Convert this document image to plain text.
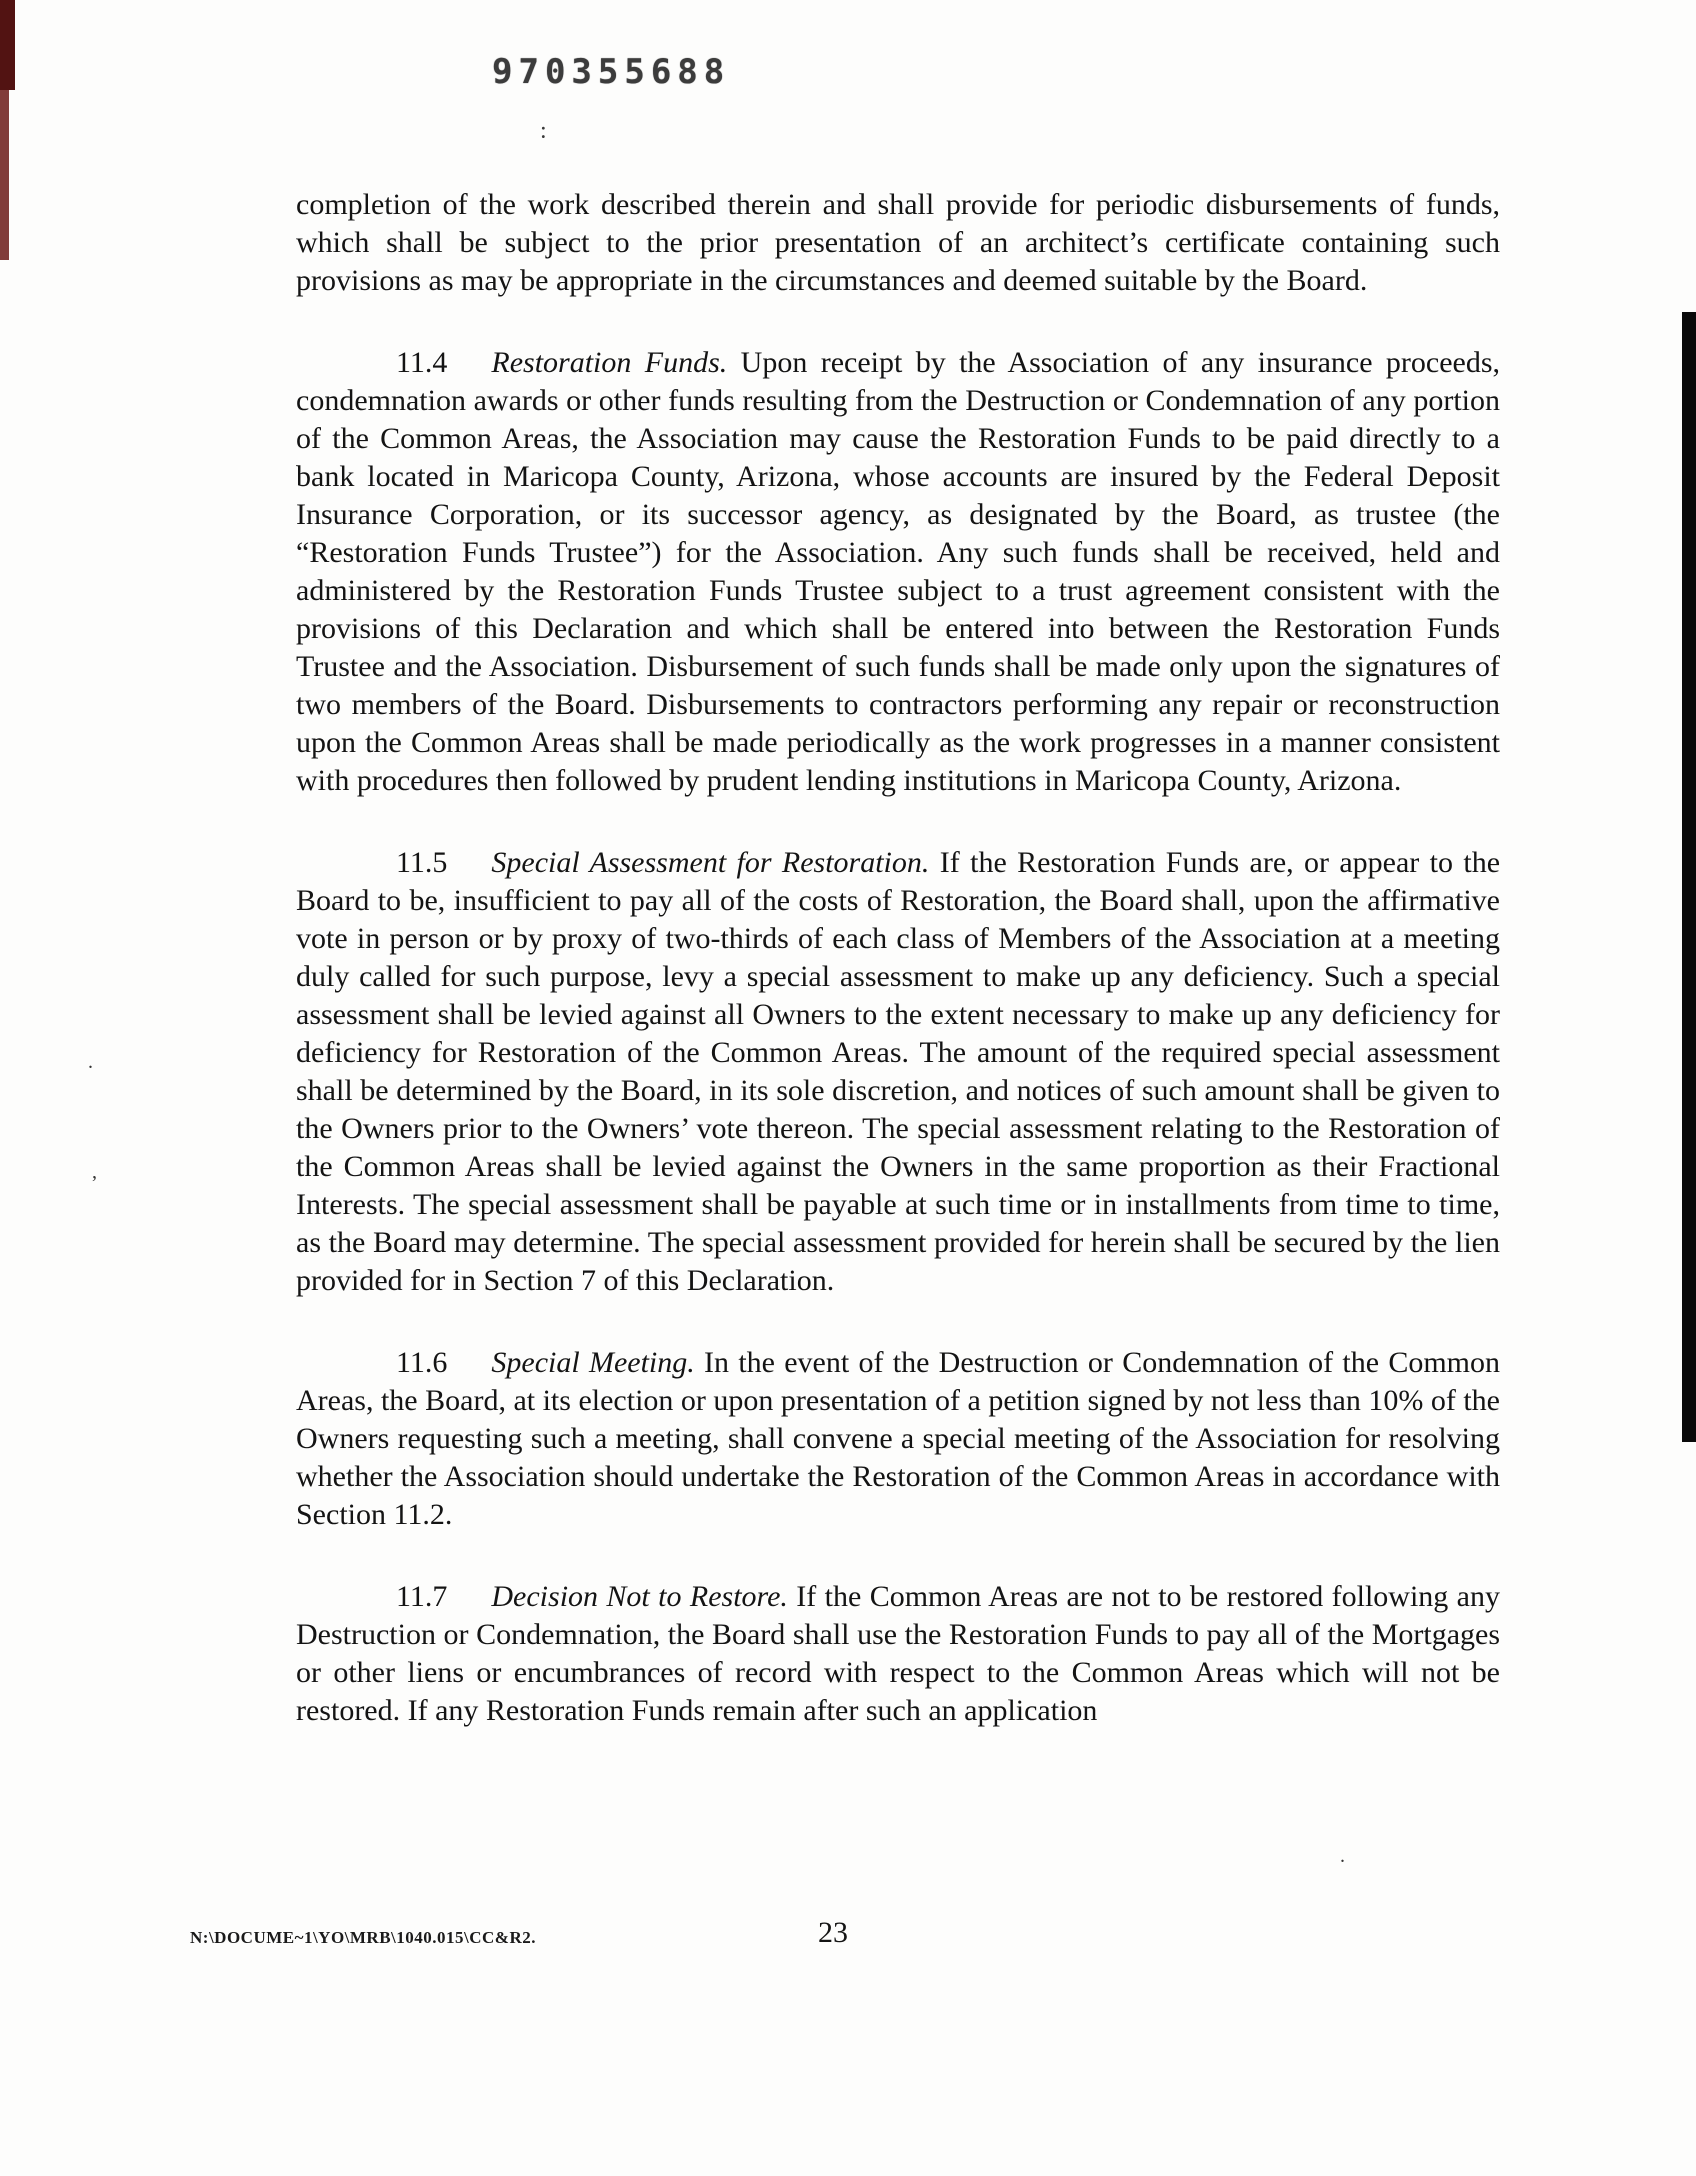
.
,
.
970355688
:

completion of the work described therein and shall provide for periodic disbursements of funds, which shall be subject to the prior presentation of an architect’s certificate containing such provisions as may be appropriate in the circumstances and deemed suitable by the Board.

11.4 Restoration Funds. Upon receipt by the Association of any insurance proceeds, condemnation awards or other funds resulting from the Destruction or Condemnation of any portion of the Common Areas, the Association may cause the Restoration Funds to be paid directly to a bank located in Maricopa County, Arizona, whose accounts are insured by the Federal Deposit Insurance Corporation, or its successor agency, as designated by the Board, as trustee (the “Restoration Funds Trustee”) for the Association. Any such funds shall be received, held and administered by the Restoration Funds Trustee subject to a trust agreement consistent with the provisions of this Declaration and which shall be entered into between the Restoration Funds Trustee and the Association. Disbursement of such funds shall be made only upon the signatures of two members of the Board. Disbursements to contractors performing any repair or reconstruction upon the Common Areas shall be made periodically as the work progresses in a manner consistent with procedures then followed by prudent lending institutions in Maricopa County, Arizona.

11.5 Special Assessment for Restoration. If the Restoration Funds are, or appear to the Board to be, insufficient to pay all of the costs of Restoration, the Board shall, upon the affirmative vote in person or by proxy of two-thirds of each class of Members of the Association at a meeting duly called for such purpose, levy a special assessment to make up any deficiency. Such a special assessment shall be levied against all Owners to the extent necessary to make up any deficiency for deficiency for Restoration of the Common Areas. The amount of the required special assessment shall be determined by the Board, in its sole discretion, and notices of such amount shall be given to the Owners prior to the Owners’ vote thereon. The special assessment relating to the Restoration of the Common Areas shall be levied against the Owners in the same proportion as their Fractional Interests. The special assessment shall be payable at such time or in installments from time to time, as the Board may determine. The special assessment provided for herein shall be secured by the lien provided for in Section 7 of this Declaration.

11.6 Special Meeting. In the event of the Destruction or Condemnation of the Common Areas, the Board, at its election or upon presentation of a petition signed by not less than 10% of the Owners requesting such a meeting, shall convene a special meeting of the Association for resolving whether the Association should undertake the Restoration of the Common Areas in accordance with Section 11.2.

11.7 Decision Not to Restore. If the Common Areas are not to be restored following any Destruction or Condemnation, the Board shall use the Restoration Funds to pay all of the Mortgages or other liens or encumbrances of record with respect to the Common Areas which will not be restored. If any Restoration Funds remain after such an application

N:\DOCUME~1\YO\MRB\1040.015\CC&R2.	23
